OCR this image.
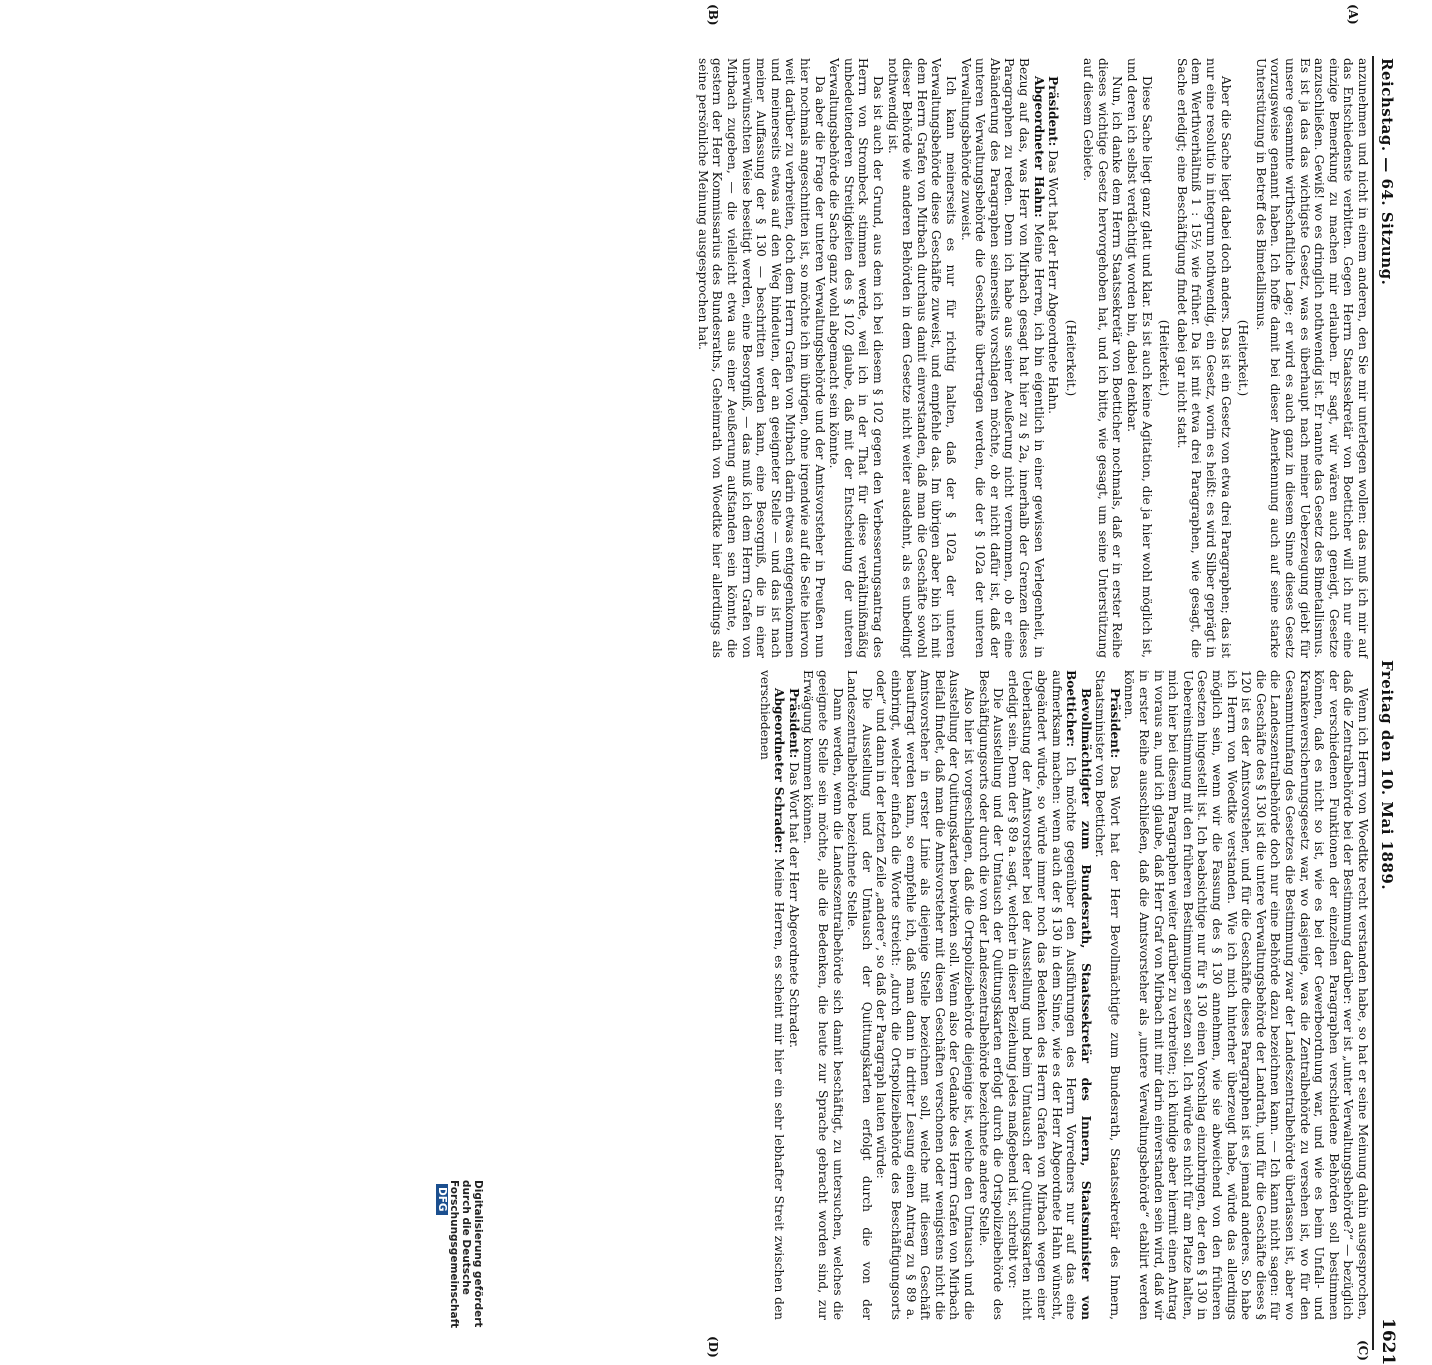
Reichstag. — 64. Sitzung.
Freitag den 10. Mai 1889.
1621
(A)
(B)
(C)
(D)

anzunehmen und nicht in einem anderen, den Sie mir unterlegen wollen: das muß ich mir auf das Entschiedenste verbitten. Gegen Herrn Staatssekretär von Boetticher will ich nur eine einzige Bemerkung zu machen mir erlauben. Er sagt, wir wären auch geneigt, Gesetze anzuschließen. Gewiß! wo es dringlich nothwendig ist. Er nannte das Gesetz des Bimetallismus. Es ist ja das das wichtigste Gesetz, was es überhaupt nach meiner Ueberzeugung giebt für unsere gesammte wirthschaftliche Lage; er wird es auch ganz in diesem Sinne dieses Gesetz vorzugsweise genannt haben. Ich hoffe damit bei dieser Anerkennung auch auf seine starke Unterstützung in Betreff des Bimetallismus.

(Heiterkeit.)

Aber die Sache liegt dabei doch anders. Das ist ein Gesetz von etwa drei Paragraphen; das ist nur eine resolutio in integrum nothwendig, ein Gesetz, worin es heißt: es wird Silber geprägt in dem Werthverhältniß 1 : 15½ wie früher. Da ist mit etwa drei Paragraphen, wie gesagt, die Sache erledigt; eine Beschäftigung findet dabei gar nicht statt.

(Heiterkeit.)

Diese Sache liegt ganz glatt und klar. Es ist auch keine Agitation, die ja hier wohl möglich ist, und deren ich selbst verdächtigt worden bin, dabei denkbar.

Nun, ich danke dem Herrn Staatssekretär von Boetticher nochmals, daß er in erster Reihe dieses wichtige Gesetz hervorgehoben hat, und ich bitte, wie gesagt, um seine Unterstützung auf diesem Gebiete.

(Heiterkeit.)

Präsident: Das Wort hat der Herr Abgeordnete Hahn.

Abgeordneter Hahn: Meine Herren, ich bin eigentlich in einer gewissen Verlegenheit, in Bezug auf das, was Herr von Mirbach gesagt hat hier zu § 2a, innerhalb der Grenzen dieses Paragraphen zu reden. Denn ich habe aus seiner Aeußerung nicht vernommen, ob er eine Abänderung des Paragraphen seinerseits vorschlagen möchte, ob er nicht dafür ist, daß der unteren Verwaltungsbehörde die Geschäfte übertragen werden, die der § 102a der unteren Verwaltungsbehörde zuweist.

Ich kann meinerseits es nur für richtig halten, daß der § 102a der unteren Verwaltungsbehörde diese Geschäfte zuweist, und empfehle das. Im übrigen aber bin ich mit dem Herrn Grafen von Mirbach durchaus damit einverstanden, daß man die Geschäfte sowohl dieser Behörde wie anderen Behörden in dem Gesetze nicht weiter ausdehnt, als es unbedingt nothwendig ist.

Das ist auch der Grund, aus dem ich bei diesem § 102 gegen den Verbesserungsantrag des Herrn von Strombeck stimmen werde, weil ich in der That für diese verhältnißmäßig unbedeutenderen Streitigkeiten des § 102 glaube, daß mit der Entscheidung der unteren Verwaltungsbehörde die Sache ganz wohl abgemacht sein könnte.

Da aber die Frage der unteren Verwaltungsbehörde und der Amtsvorsteher in Preußen nun hier nochmals angeschnitten ist, so möchte ich im übrigen, ohne irgendwie auf die Seite hiervon weit darüber zu verbreiten, doch dem Herrn Grafen von Mirbach darin etwas entgegenkommen und meinerseits etwas auf den Weg hindeuten, der an geeigneter Stelle — und das ist nach meiner Auffassung der § 130 — beschritten werden kann, eine Besorgniß, die in einer unerwünschten Weise beseitigt werden, eine Besorgniß, — das muß ich dem Herrn Grafen von Mirbach zugeben, — die vielleicht etwa aus einer Aeußerung aufstanden sein könnte, die gestern der Herr Kommissarius des Bundesraths, Geheimrath von Woedtke hier allerdings als seine persönliche Meinung ausgesprochen hat.

Wenn ich Herrn von Woedtke recht verstanden habe, so hat er seine Meinung dahin ausgesprochen, daß die Zentralbehörde bei der Bestimmung darüber: wer ist „unter Verwaltungsbehörde?“ — bezüglich der verschiedenen Funktionen der einzelnen Paragraphen verschiedene Behörden soll bestimmen können, daß es nicht so ist, wie es bei der Gewerbeordnung war, und wie es beim Unfall- und Krankenversicherungsgesetz war, wo dasjenige, was die Zentralbehörde zu versehen ist, wo für den Gesammtumfang des Gesetzes die Bestimmung zwar der Landeszentralbehörde überlassen ist, aber wo die Landeszentralbehörde doch nur eine Behörde dazu bezeichnen kann. — Ich kann nicht sagen: für die Geschäfte des § 130 ist die untere Verwaltungsbehörde der Landrath, und für die Geschäfte dieses § 120 ist es der Amtsvorsteher, und für die Geschäfte dieses Paragraphen ist es jemand anderes. So habe ich Herrn von Woedtke verstanden. Wie ich mich hinterher überzeugt habe, würde das allerdings möglich sein, wenn wir die Fassung des § 130 annehmen, wie sie abweichend von den früheren Gesetzen hingestellt ist. Ich beabsichtige nur für § 130 einen Vorschlag einzubringen, der den § 130 in Uebereinstimmung mit den früheren Bestimmungen setzen soll. Ich würde es nicht für am Platze halten, mich hier bei diesem Paragraphen weiter darüber zu verbreiten; ich kündige aber hiermit einen Antrag in voraus an, und ich glaube, daß Herr Graf von Mirbach mit mir darin einverstanden sein wird, daß wir in erster Reihe ausschließen, daß die Amtsvorsteher als „untere Verwaltungsbehörde“ etablirt werden können.

Präsident: Das Wort hat der Herr Bevollmächtigte zum Bundesrath, Staatssekretär des Innern, Staatsminister von Boetticher.

Bevollmächtigter zum Bundesrath, Staatssekretär des Innern, Staatsminister von Boetticher: Ich möchte gegenüber den Ausführungen des Herrn Vorredners nur auf das eine aufmerksam machen: wenn auch der § 130 in dem Sinne, wie es der Herr Abgeordnete Hahn wünscht, abgeändert würde, so würde immer noch das Bedenken des Herrn Grafen von Mirbach wegen einer Ueberlastung der Amtsvorsteher bei der Ausstellung und beim Umtausch der Quittungskarten nicht erledigt sein. Denn der § 89 a. sagt, welcher in dieser Beziehung jedes maßgebend ist, schreibt vor:

Die Ausstellung und der Umtausch der Quittungskarten erfolgt durch die Ortspolizeibehörde des Beschäftigungsorts oder durch die von der Landeszentralbehörde bezeichnete andere Stelle.

Also hier ist vorgeschlagen, daß die Ortspolizeibehörde diejenige ist, welche den Umtausch und die Ausstellung der Quittungskarten bewirken soll. Wenn also der Gedanke des Herrn Grafen von Mirbach Beifall findet, daß man die Amtsvorsteher mit diesen Geschäften verschonen oder wenigstens nicht die Amtsvorsteher in erster Linie als diejenige Stelle bezeichnen soll, welche mit diesem Geschäft beauftragt werden kann, so empfehle ich, daß man dann in dritter Lesung einen Antrag zu § 89 a. einbringt, welcher einfach die Worte streicht: „durch die Ortspolizeibehörde des Beschäftigungsorts oder“ und dann in der letzten Zeile „andere“, so daß der Paragraph lauten würde:

Die Ausstellung und der Umtausch der Quittungskarten erfolgt durch die von der Landeszentralbehörde bezeichnete Stelle.

Dann werden, wenn die Landeszentralbehörde sich damit beschäftigt, zu untersuchen, welches die geeignete Stelle sein möchte, alle die Bedenken, die heute zur Sprache gebracht worden sind, zur Erwägung kommen können.

Präsident: Das Wort hat der Herr Abgeordnete Schrader.

Abgeordneter Schrader: Meine Herren, es scheint mir hier ein sehr lebhafter Streit zwischen den verschiedenen

Digitalisierung gefördert durch die Deutsche ForschungsgemeinschaftDFG
